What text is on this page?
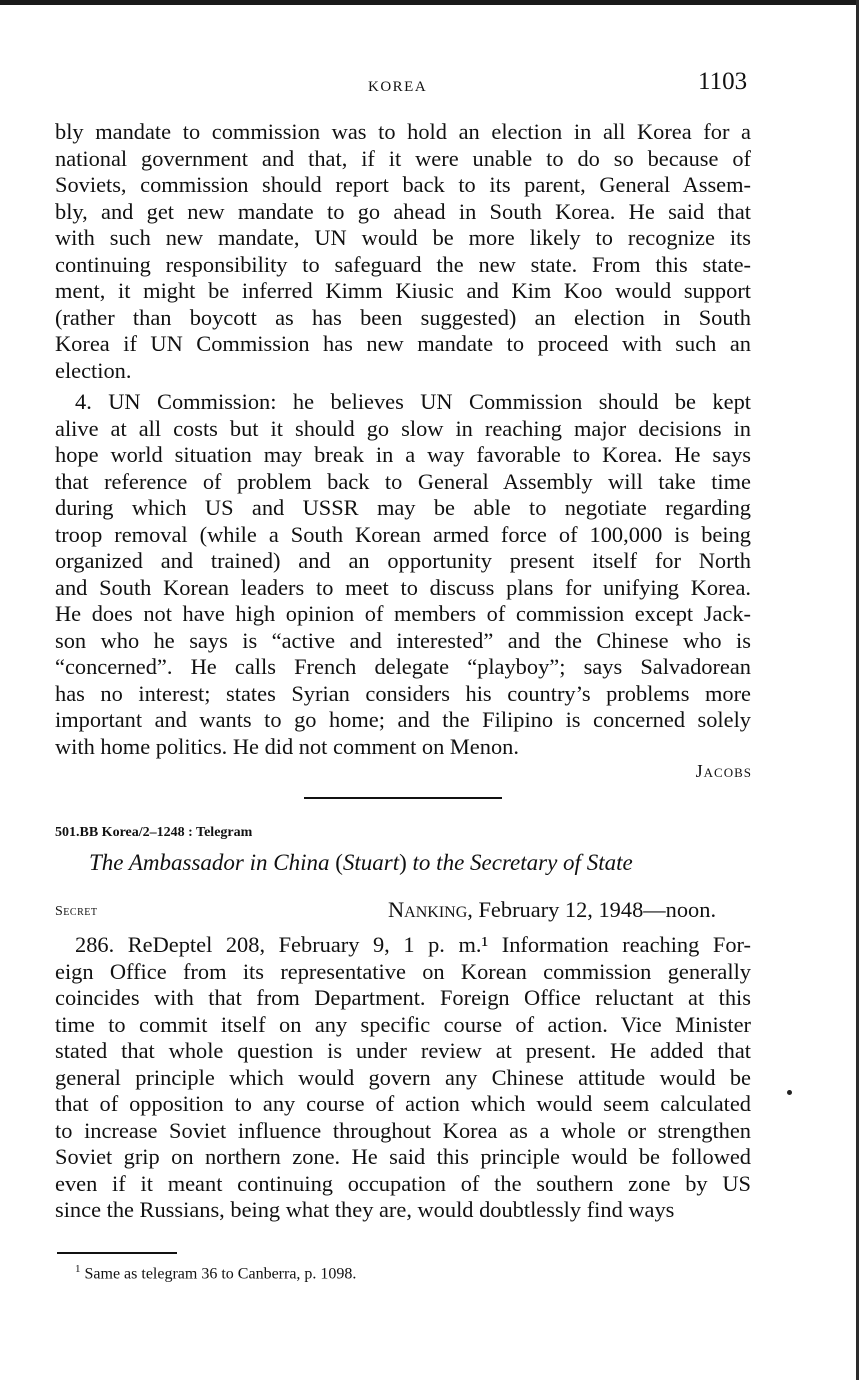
KOREA	1103
bly mandate to commission was to hold an election in all Korea for a
national government and that, if it were unable to do so because of
Soviets, commission should report back to its parent, General Assem-
bly, and get new mandate to go ahead in South Korea. He said that
with such new mandate, UN would be more likely to recognize its
continuing responsibility to safeguard the new state. From this state-
ment, it might be inferred Kimm Kiusic and Kim Koo would support
(rather than boycott as has been suggested) an election in South
Korea if UN Commission has new mandate to proceed with such an
election.
4. UN Commission: he believes UN Commission should be kept
alive at all costs but it should go slow in reaching major decisions in
hope world situation may break in a way favorable to Korea. He says
that reference of problem back to General Assembly will take time
during which US and USSR may be able to negotiate regarding
troop removal (while a South Korean armed force of 100,000 is being
organized and trained) and an opportunity present itself for North
and South Korean leaders to meet to discuss plans for unifying Korea.
He does not have high opinion of members of commission except Jack-
son who he says is “active and interested” and the Chinese who is
“concerned”. He calls French delegate “playboy”; says Salvadorean
has no interest; states Syrian considers his country’s problems more
important and wants to go home; and the Filipino is concerned solely
with home politics. He did not comment on Menon.
Jacobs
501.BB Korea/2–1248 : Telegram
The Ambassador in China (Stuart) to the Secretary of State
Secret	Nanking, February 12, 1948—noon.
286. ReDeptel 208, February 9, 1 p. m.¹ Information reaching For-
eign Office from its representative on Korean commission generally
coincides with that from Department. Foreign Office reluctant at this
time to commit itself on any specific course of action. Vice Minister
stated that whole question is under review at present. He added that
general principle which would govern any Chinese attitude would be
that of opposition to any course of action which would seem calculated
to increase Soviet influence throughout Korea as a whole or strengthen
Soviet grip on northern zone. He said this principle would be followed
even if it meant continuing occupation of the southern zone by US
since the Russians, being what they are, would doubtlessly find ways
$^1$ Same as telegram 36 to Canberra, p. 1098.
